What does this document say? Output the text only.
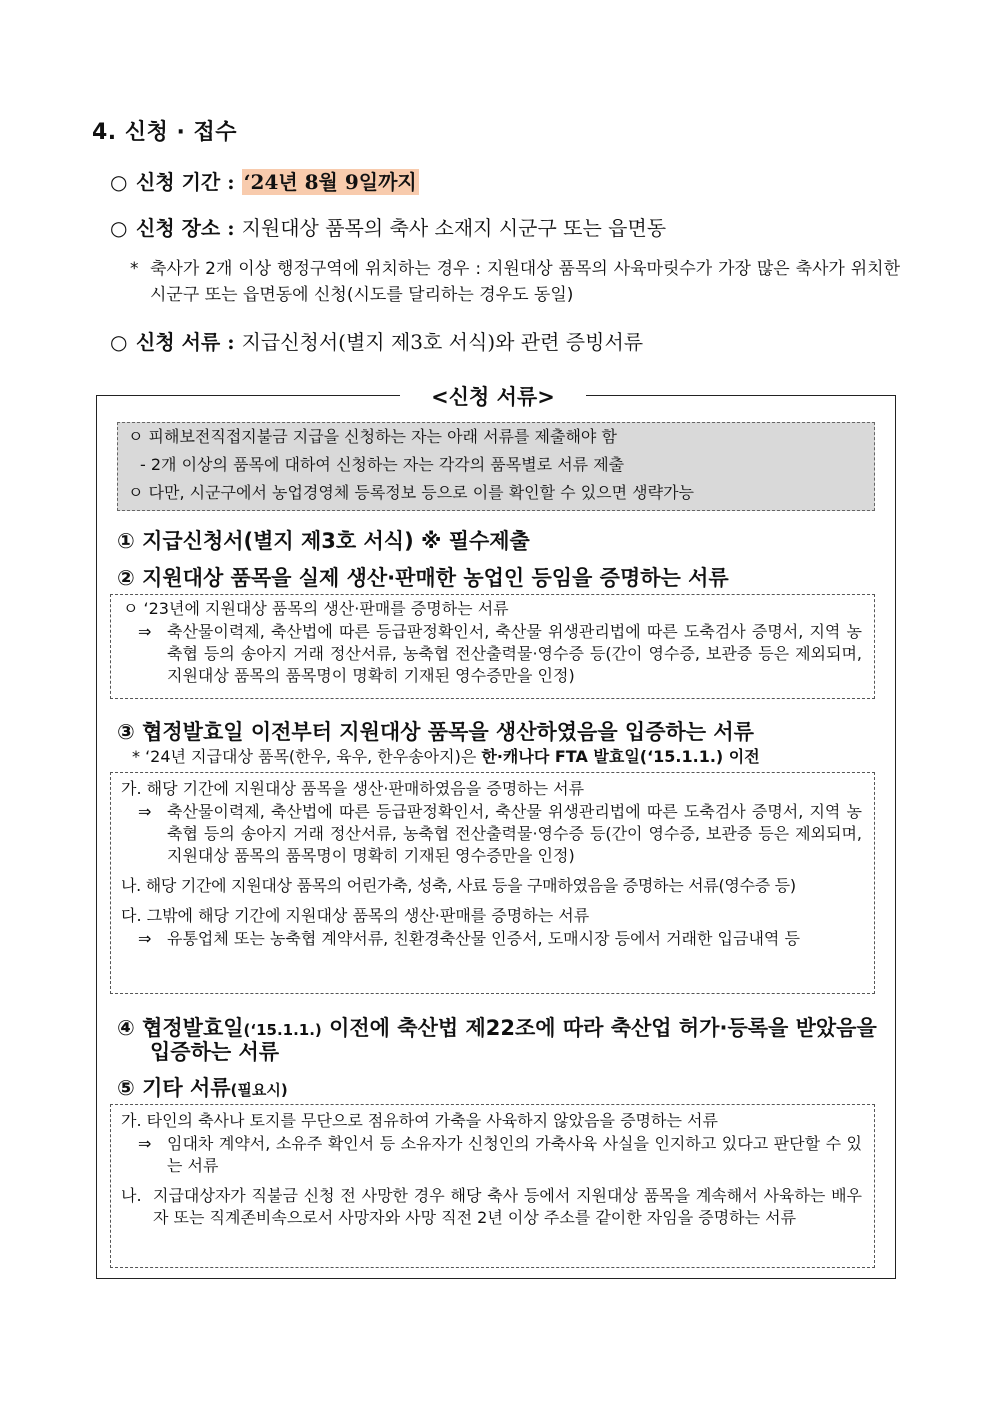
4. 신청 · 접수
○ 신청 기간 : ‘24년 8월 9일까지
○ 신청 장소 : 지원대상 품목의 축사 소재지 시군구 또는 읍면동
* 축사가 2개 이상 행정구역에 위치하는 경우 : 지원대상 품목의 사육마릿수가 가장 많은 축사가 위치한 시군구 또는 읍면동에 신청(시도를 달리하는 경우도 동일)
○ 신청 서류 : 지급신청서(별지 제3호 서식)와 관련 증빙서류
<신청 서류>
ㅇ 피해보전직접지불금 지급을 신청하는 자는 아래 서류를 제출해야 함
- 2개 이상의 품목에 대하여 신청하는 자는 각각의 품목별로 서류 제출
ㅇ 다만, 시군구에서 농업경영체 등록정보 등으로 이를 확인할 수 있으면 생략가능
① 지급신청서(별지 제3호 서식) ※ 필수제출
② 지원대상 품목을 실제 생산·판매한 농업인 등임을 증명하는 서류
ㅇ ‘23년에 지원대상 품목의 생산·판매를 증명하는 서류
⇒ 축산물이력제, 축산법에 따른 등급판정확인서, 축산물 위생관리법에 따른 도축검사 증명서, 지역 농축협 등의 송아지 거래 정산서류, 농축협 전산출력물·영수증 등(간이 영수증, 보관증 등은 제외되며, 지원대상 품목의 품목명이 명확히 기재된 영수증만을 인정)
③ 협정발효일 이전부터 지원대상 품목을 생산하였음을 입증하는 서류
* ‘24년 지급대상 품목(한우, 육우, 한우송아지)은 한·캐나다 FTA 발효일(‘15.1.1.) 이전
가. 해당 기간에 지원대상 품목을 생산·판매하였음을 증명하는 서류
⇒ 축산물이력제, 축산법에 따른 등급판정확인서, 축산물 위생관리법에 따른 도축검사 증명서, 지역 농축협 등의 송아지 거래 정산서류, 농축협 전산출력물·영수증 등(간이 영수증, 보관증 등은 제외되며, 지원대상 품목의 품목명이 명확히 기재된 영수증만을 인정)
나. 해당 기간에 지원대상 품목의 어린가축, 성축, 사료 등을 구매하였음을 증명하는 서류(영수증 등)
다. 그밖에 해당 기간에 지원대상 품목의 생산·판매를 증명하는 서류
⇒ 유통업체 또는 농축협 계약서류, 친환경축산물 인증서, 도매시장 등에서 거래한 입금내역 등
④ 협정발효일(‘15.1.1.) 이전에 축산법 제22조에 따라 축산업 허가·등록을 받았음을
입증하는 서류
⑤ 기타 서류(필요시)
가. 타인의 축사나 토지를 무단으로 점유하여 가축을 사육하지 않았음을 증명하는 서류
⇒ 임대차 계약서, 소유주 확인서 등 소유자가 신청인의 가축사육 사실을 인지하고 있다고 판단할 수 있는 서류
나. 지급대상자가 직불금 신청 전 사망한 경우 해당 축사 등에서 지원대상 품목을 계속해서 사육하는 배우자 또는 직계존비속으로서 사망자와 사망 직전 2년 이상 주소를 같이한 자임을 증명하는 서류
